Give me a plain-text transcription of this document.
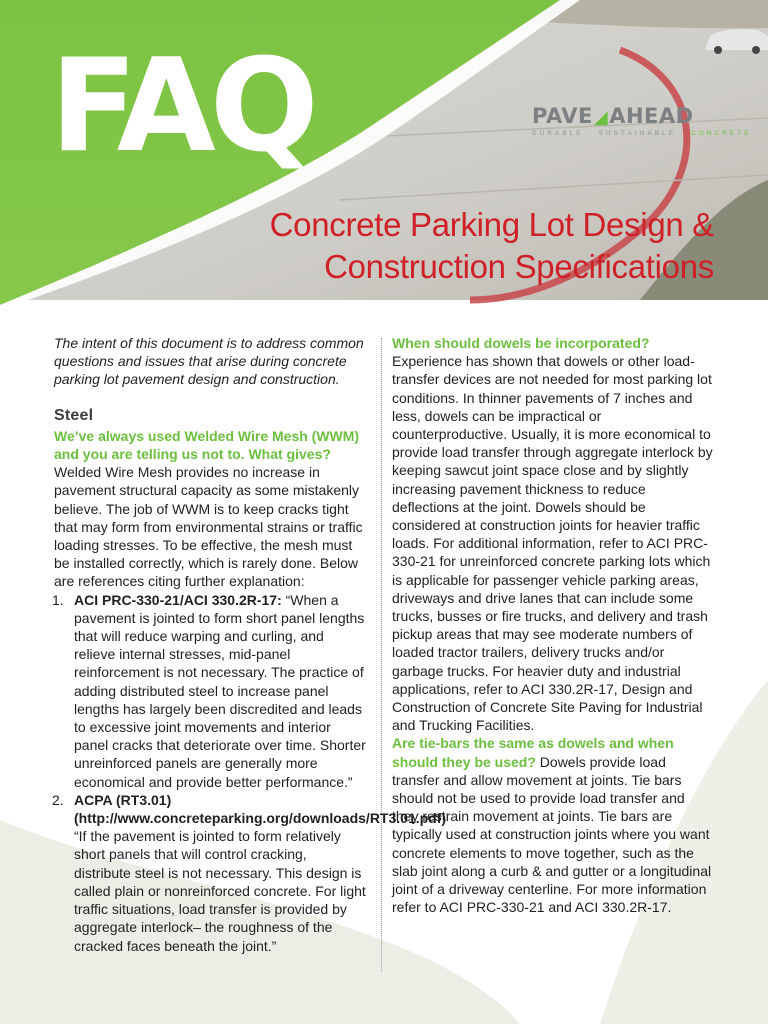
FAQ	PAVE◢AHEAD
DURABLE · SUSTAINABLE · CONCRETE
Concrete Parking Lot Design &
Construction Specifications

The intent of this document is to address common questions and issues that arise during concrete parking lot pavement design and construction.

Steel

We’ve always used Welded Wire Mesh (WWM) and you are telling us not to. What gives? Welded Wire Mesh provides no increase in pavement structural capacity as some mistakenly believe. The job of WWM is to keep cracks tight that may form from environmental strains or traffic loading stresses. To be effective, the mesh must be installed correctly, which is rarely done. Below are references citing further explanation:

1. ACI PRC-330-21/ACI 330.2R-17: “When a pavement is jointed to form short panel lengths that will reduce warping and curling, and relieve internal stresses, mid-panel reinforcement is not necessary. The practice of adding distributed steel to increase panel lengths has largely been discredited and leads to excessive joint movements and interior panel cracks that deteriorate over time. Shorter unreinforced panels are generally more economical and provide better performance.”
2. ACPA (RT3.01) (http://www.concreteparking.org/downloads/RT3.01.pdf) “If the pavement is jointed to form relatively short panels that will control cracking, distribute steel is not necessary. This design is called plain or nonreinforced concrete. For light traffic situations, load transfer is provided by aggregate interlock– the roughness of the cracked faces beneath the joint.”
When should dowels be incorporated?

Experience has shown that dowels or other load-transfer devices are not needed for most parking lot conditions. In thinner pavements of 7 inches and less, dowels can be impractical or counterproductive. Usually, it is more economical to provide load transfer through aggregate interlock by keeping sawcut joint space close and by slightly increasing pavement thickness to reduce deflections at the joint. Dowels should be considered at construction joints for heavier traffic loads. For additional information, refer to ACI PRC-330-21 for unreinforced concrete parking lots which is applicable for passenger vehicle parking areas, driveways and drive lanes that can include some trucks, busses or fire trucks, and delivery and trash pickup areas that may see moderate numbers of loaded tractor trailers, delivery trucks and/or garbage trucks. For heavier duty and industrial applications, refer to ACI 330.2R-17, Design and Construction of Concrete Site Paving for Industrial and Trucking Facilities.

Are tie-bars the same as dowels and when should they be used? Dowels provide load transfer and allow movement at joints. Tie bars should not be used to provide load transfer and they restrain movement at joints. Tie bars are typically used at construction joints where you want concrete elements to move together, such as the slab joint along a curb & and gutter or a longitudinal joint of a driveway centerline. For more information refer to ACI PRC-330-21 and ACI 330.2R-17.
